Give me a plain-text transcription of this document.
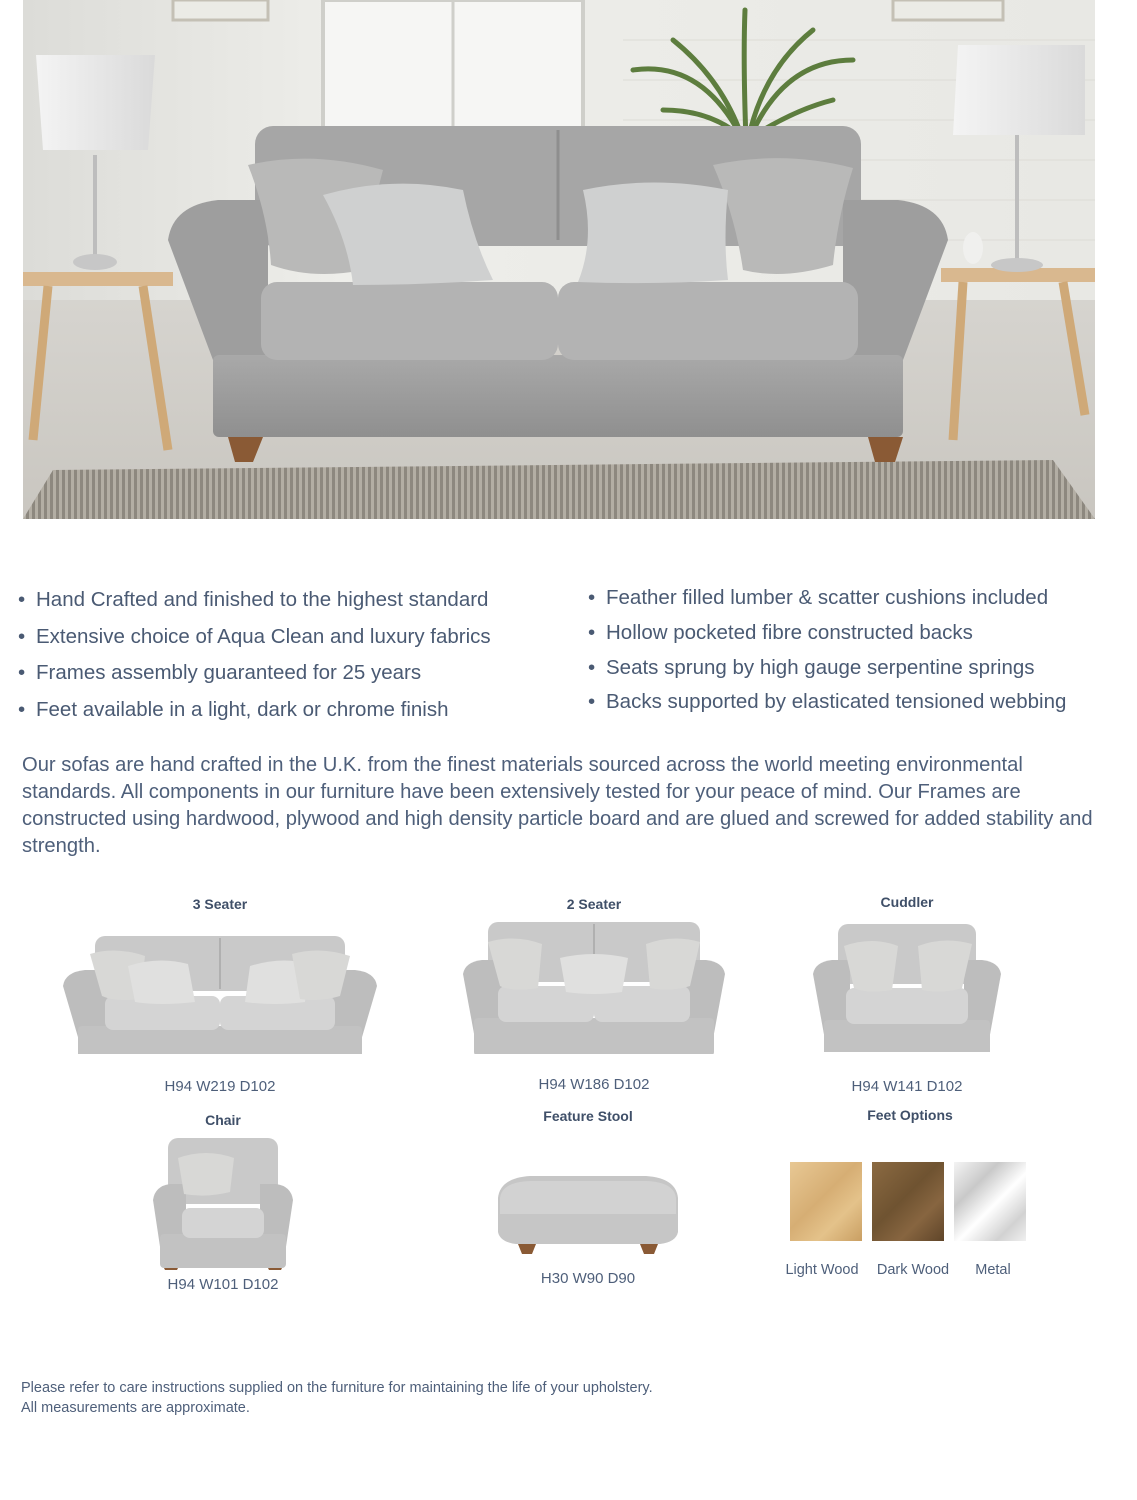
• Hand Crafted and finished to the highest standard
• Extensive choice of Aqua Clean and luxury fabrics
• Frames assembly guaranteed for 25 years
• Feet available in a light, dark or chrome finish
• Feather filled lumber & scatter cushions included
• Hollow pocketed fibre constructed backs
• Seats sprung by high gauge serpentine springs
• Backs supported by elasticated tensioned webbing

Our sofas are hand crafted in the U.K. from the finest materials sourced across the world meeting environmental standards. All components in our furniture have been extensively tested for your peace of mind. Our Frames are constructed using hardwood, plywood and high density particle board and are glued and screwed for added stability and strength.

3 Seater
H94 W219 D102
2 Seater
H94 W186 D102
Cuddler
H94 W141 D102
Chair
H94 W101 D102
Feature Stool
H30 W90 D90
Feet Options
Light Wood	Dark Wood	Metal
Please refer to care instructions supplied on the furniture for maintaining the life of your upholstery.
All measurements are approximate.
